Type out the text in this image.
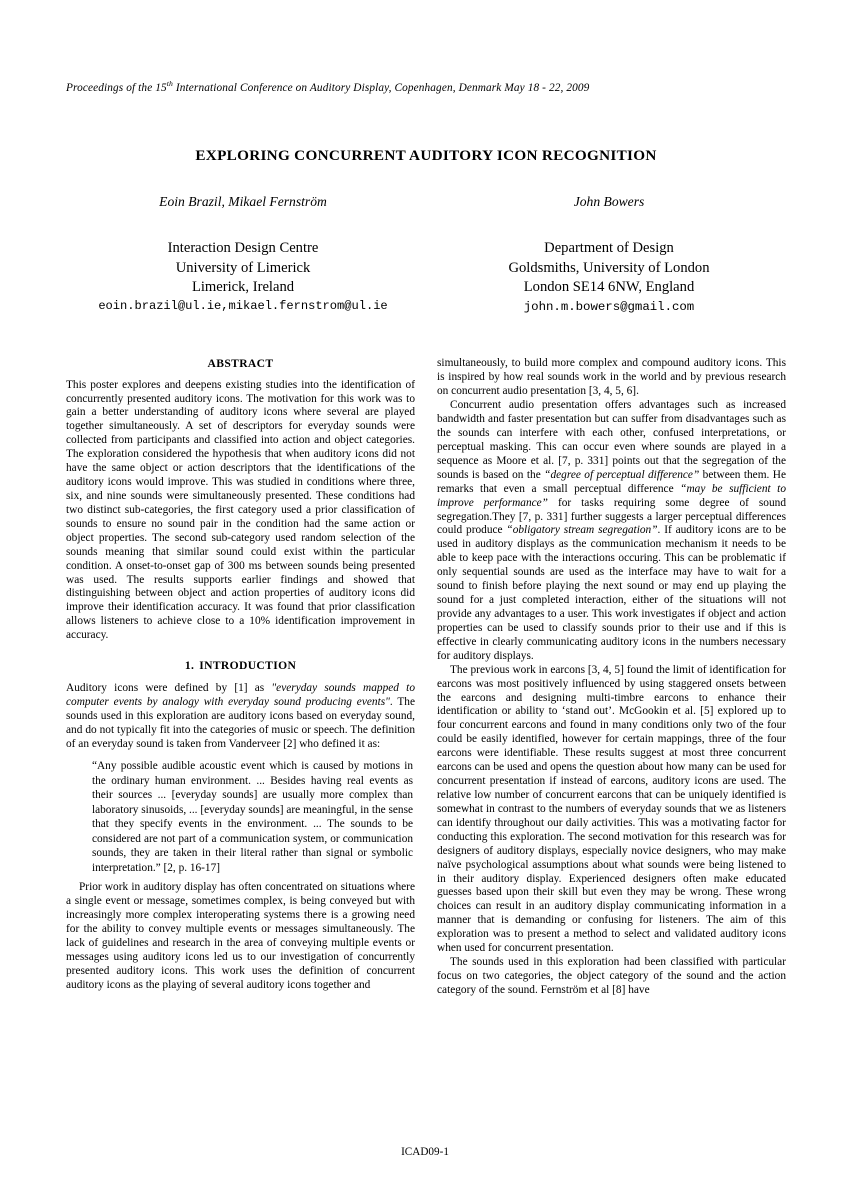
Proceedings of the 15th International Conference on Auditory Display, Copenhagen, Denmark May 18 - 22, 2009
EXPLORING CONCURRENT AUDITORY ICON RECOGNITION
Eoin Brazil, Mikael Fernström
Interaction Design Centre
University of Limerick
Limerick, Ireland
eoin.brazil@ul.ie,mikael.fernstrom@ul.ie
John Bowers
Department of Design
Goldsmiths, University of London
London SE14 6NW, England
john.m.bowers@gmail.com
ABSTRACT

This poster explores and deepens existing studies into the identification of concurrently presented auditory icons. The motivation for this work was to gain a better understanding of auditory icons where several are played together simultaneously. A set of descriptors for everyday sounds were collected from participants and classified into action and object categories. The exploration considered the hypothesis that when auditory icons did not have the same object or action descriptors that the identifications of the auditory icons would improve. This was studied in conditions where three, six, and nine sounds were simultaneously presented. These conditions had two distinct sub-categories, the first category used a prior classification of sounds to ensure no sound pair in the condition had the same action or object properties. The second sub-category used random selection of the sounds meaning that similar sound could exist within the particular condition. A onset-to-onset gap of 300 ms between sounds being presented was used. The results supports earlier findings and showed that distinguishing between object and action properties of auditory icons did improve their identification accuracy. It was found that prior classification allows listeners to achieve close to a 10% identification improvement in accuracy.

1. INTRODUCTION

Auditory icons were defined by [1] as "everyday sounds mapped to computer events by analogy with everyday sound producing events". The sounds used in this exploration are auditory icons based on everyday sound, and do not typically fit into the categories of music or speech. The definition of an everyday sound is taken from Vanderveer [2] who defined it as:

“Any possible audible acoustic event which is caused by motions in the ordinary human environment. ... Besides having real events as their sources ... [everyday sounds] are usually more complex than laboratory sinusoids, ... [everyday sounds] are meaningful, in the sense that they specify events in the environment. ... The sounds to be considered are not part of a communication system, or communication sounds, they are taken in their literal rather than signal or symbolic interpretation.” [2, p. 16-17]

Prior work in auditory display has often concentrated on situations where a single event or message, sometimes complex, is being conveyed but with increasingly more complex interoperating systems there is a growing need for the ability to convey multiple events or messages simultaneously. The lack of guidelines and research in the area of conveying multiple events or messages using auditory icons led us to our investigation of concurrently presented auditory icons. This work uses the definition of concurrent auditory icons as the playing of several auditory icons together and

simultaneously, to build more complex and compound auditory icons. This is inspired by how real sounds work in the world and by previous research on concurrent audio presentation [3, 4, 5, 6].

Concurrent audio presentation offers advantages such as increased bandwidth and faster presentation but can suffer from disadvantages such as the sounds can interfere with each other, confused interpretations, or perceptual masking. This can occur even where sounds are played in a sequence as Moore et al. [7, p. 331] points out that the segregation of the sounds is based on the “degree of perceptual difference” between them. He remarks that even a small perceptual difference “may be sufficient to improve performance” for tasks requiring some degree of sound segregation.They [7, p. 331] further suggests a larger perceptual differences could produce “obligatory stream segregation”. If auditory icons are to be used in auditory displays as the communication mechanism it needs to be able to keep pace with the interactions occuring. This can be problematic if only sequential sounds are used as the interface may have to wait for a sound to finish before playing the next sound or may end up playing the sound for a just completed interaction, either of the situations will not provide any advantages to a user. This work investigates if object and action properties can be used to classify sounds prior to their use and if this is effective in clearly communicating auditory icons in the numbers necessary for auditory displays.

The previous work in earcons [3, 4, 5] found the limit of identification for earcons was most positively influenced by using staggered onsets between the earcons and designing multi-timbre earcons to enhance their identification or ability to ‘stand out’. McGookin et al. [5] explored up to four concurrent earcons and found in many conditions only two of the four could be easily identified, however for certain mappings, three of the four earcons were identifiable. These results suggest at most three concurrent earcons can be used and opens the question about how many can be used for concurrent presentation if instead of earcons, auditory icons are used. The relative low number of concurrent earcons that can be uniquely identified is somewhat in contrast to the numbers of everyday sounds that we as listeners can identify throughout our daily activities. This was a motivating factor for conducting this exploration. The second motivation for this research was for designers of auditory displays, especially novice designers, who may make naïve psychological assumptions about what sounds were being listened to in their auditory display. Experienced designers often make educated guesses based upon their skill but even they may be wrong. These wrong choices can result in an auditory display communicating information in a manner that is demanding or confusing for listeners. The aim of this exploration was to present a method to select and validated auditory icons when used for concurrent presentation.

The sounds used in this exploration had been classified with particular focus on two categories, the object category of the sound and the action category of the sound. Fernström et al [8] have

ICAD09-1
